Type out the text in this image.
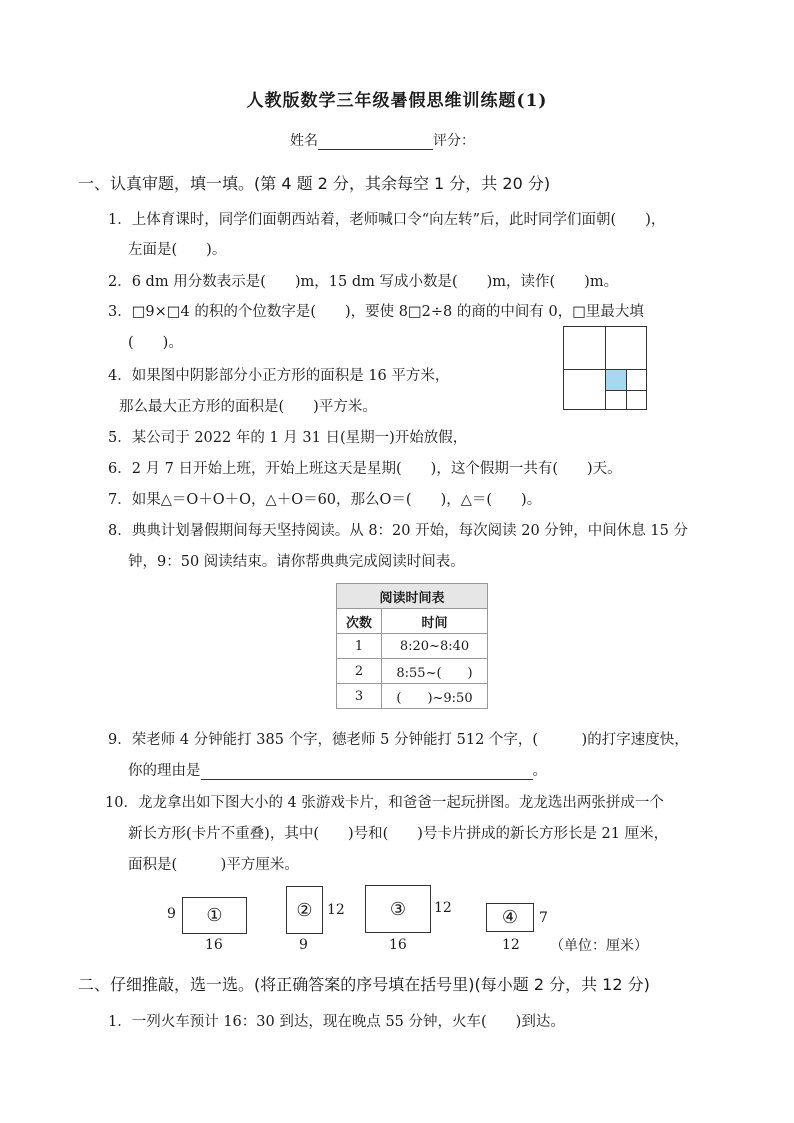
人教版数学三年级暑假思维训练题(1)
姓名	评分：
一、认真审题，填一填。(第 4 题 2 分，其余每空 1 分，共 20 分)
1．上体育课时，同学们面朝西站着，老师喊口令“向左转”后，此时同学们面朝(　　)，
左面是(　　)。
2．6 dm 用分数表示是(　　)m，15 dm 写成小数是(　　)m，读作(　　)m。
3．□9×□4 的积的个位数字是(　　)，要使 8□2÷8 的商的中间有 0，□里最大填
(　　)。
4．如果图中阴影部分小正方形的面积是 16 平方米，
那么最大正方形的面积是(　　)平方米。
5．某公司于 2022 年的 1 月 31 日(星期一)开始放假，
6．2 月 7 日开始上班，开始上班这天是星期(　　)，这个假期一共有(　　)天。
7．如果△＝O＋O＋O，△＋O＝60，那么O＝(　　)，△＝(　　)。
8．典典计划暑假期间每天坚持阅读。从 8：20 开始，每次阅读 20 分钟，中间休息 15 分
钟，9：50 阅读结束。请你帮典典完成阅读时间表。
阅读时间表	
次数	时间
1	8:20~8:40
2	8:55~(　　)
3	(　　)~9:50
9．荣老师 4 分钟能打 385 个字，德老师 5 分钟能打 512 个字，(　　　)的打字速度快，
你的理由是	。
10．龙龙拿出如下图大小的 4 张游戏卡片，和爸爸一起玩拼图。龙龙选出两张拼成一个
新长方形(卡片不重叠)，其中(　　)号和(　　)号卡片拼成的新长方形长是 21 厘米，
面积是(　　　)平方厘米。
①
9
16
②	12
9
③	12
16
④	7
12 （单位：厘米）
二、仔细推敲，选一选。(将正确答案的序号填在括号里)(每小题 2 分，共 12 分)
1．一列火车预计 16：30 到达，现在晚点 55 分钟，火车(　　)到达。
